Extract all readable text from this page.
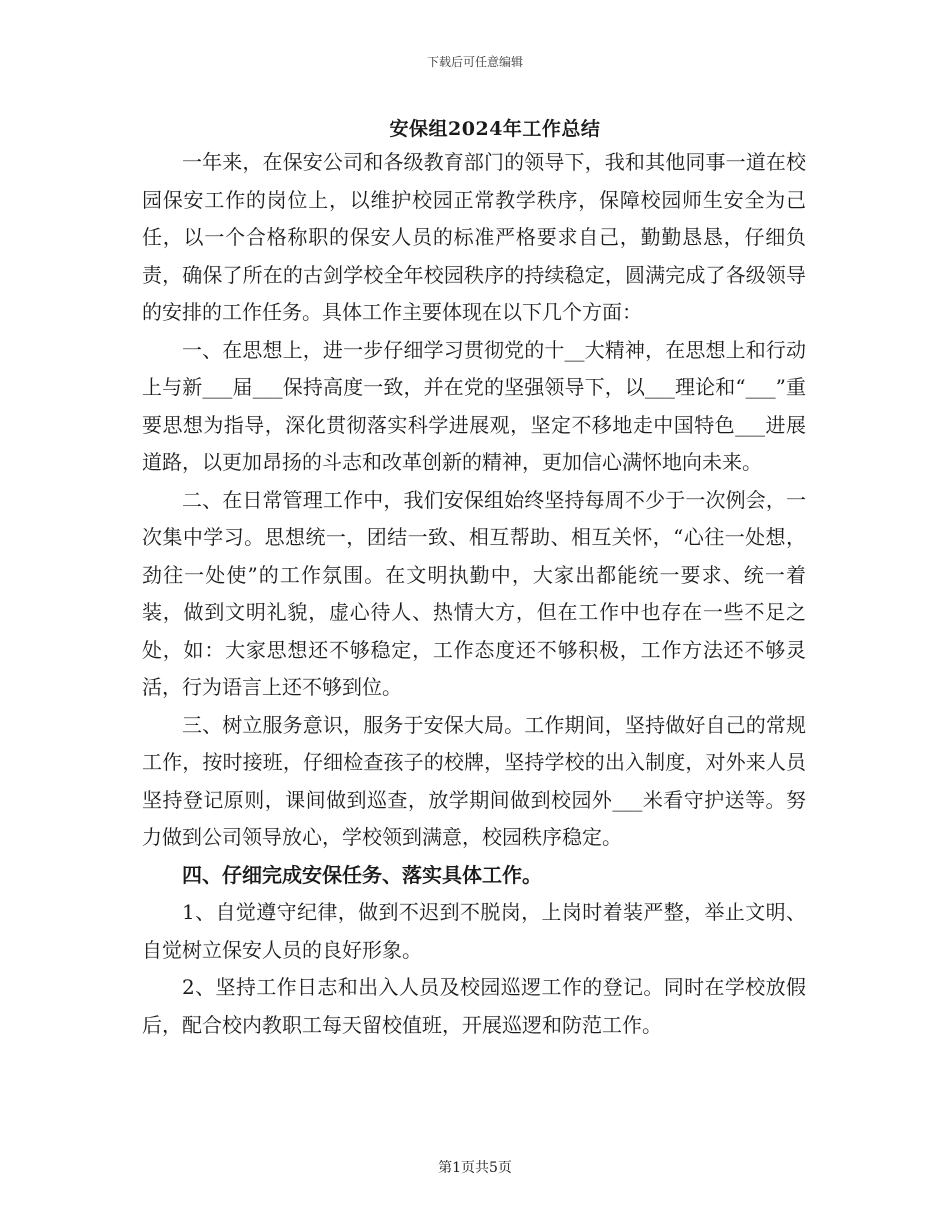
下载后可任意编辑
安保组2024年工作总结

一年来，在保安公司和各级教育部门的领导下，我和其他同事一道在校园保安工作的岗位上，以维护校园正常教学秩序，保障校园师生安全为己任，以一个合格称职的保安人员的标准严格要求自己，勤勤恳恳，仔细负责，确保了所在的古剑学校全年校园秩序的持续稳定，圆满完成了各级领导的安排的工作任务。具体工作主要体现在以下几个方面：

一、在思想上，进一步仔细学习贯彻党的十__大精神，在思想上和行动上与新___届___保持高度一致，并在党的坚强领导下，以___理论和“___”重要思想为指导，深化贯彻落实科学进展观，坚定不移地走中国特色___进展道路，以更加昂扬的斗志和改革创新的精神，更加信心满怀地向未来。

二、在日常管理工作中，我们安保组始终坚持每周不少于一次例会，一次集中学习。思想统一，团结一致、相互帮助、相互关怀，“心往一处想，劲往一处使”的工作氛围。在文明执勤中，大家出都能统一要求、统一着装，做到文明礼貌，虚心待人、热情大方，但在工作中也存在一些不足之处，如：大家思想还不够稳定，工作态度还不够积极，工作方法还不够灵活，行为语言上还不够到位。

三、树立服务意识，服务于安保大局。工作期间，坚持做好自己的常规工作，按时接班，仔细检查孩子的校牌，坚持学校的出入制度，对外来人员坚持登记原则，课间做到巡查，放学期间做到校园外___米看守护送等。努力做到公司领导放心，学校领到满意，校园秩序稳定。

四、仔细完成安保任务、落实具体工作。

1、自觉遵守纪律，做到不迟到不脱岗，上岗时着装严整，举止文明、自觉树立保安人员的良好形象。

2、坚持工作日志和出入人员及校园巡逻工作的登记。同时在学校放假后，配合校内教职工每天留校值班，开展巡逻和防范工作。

第1页共5页
